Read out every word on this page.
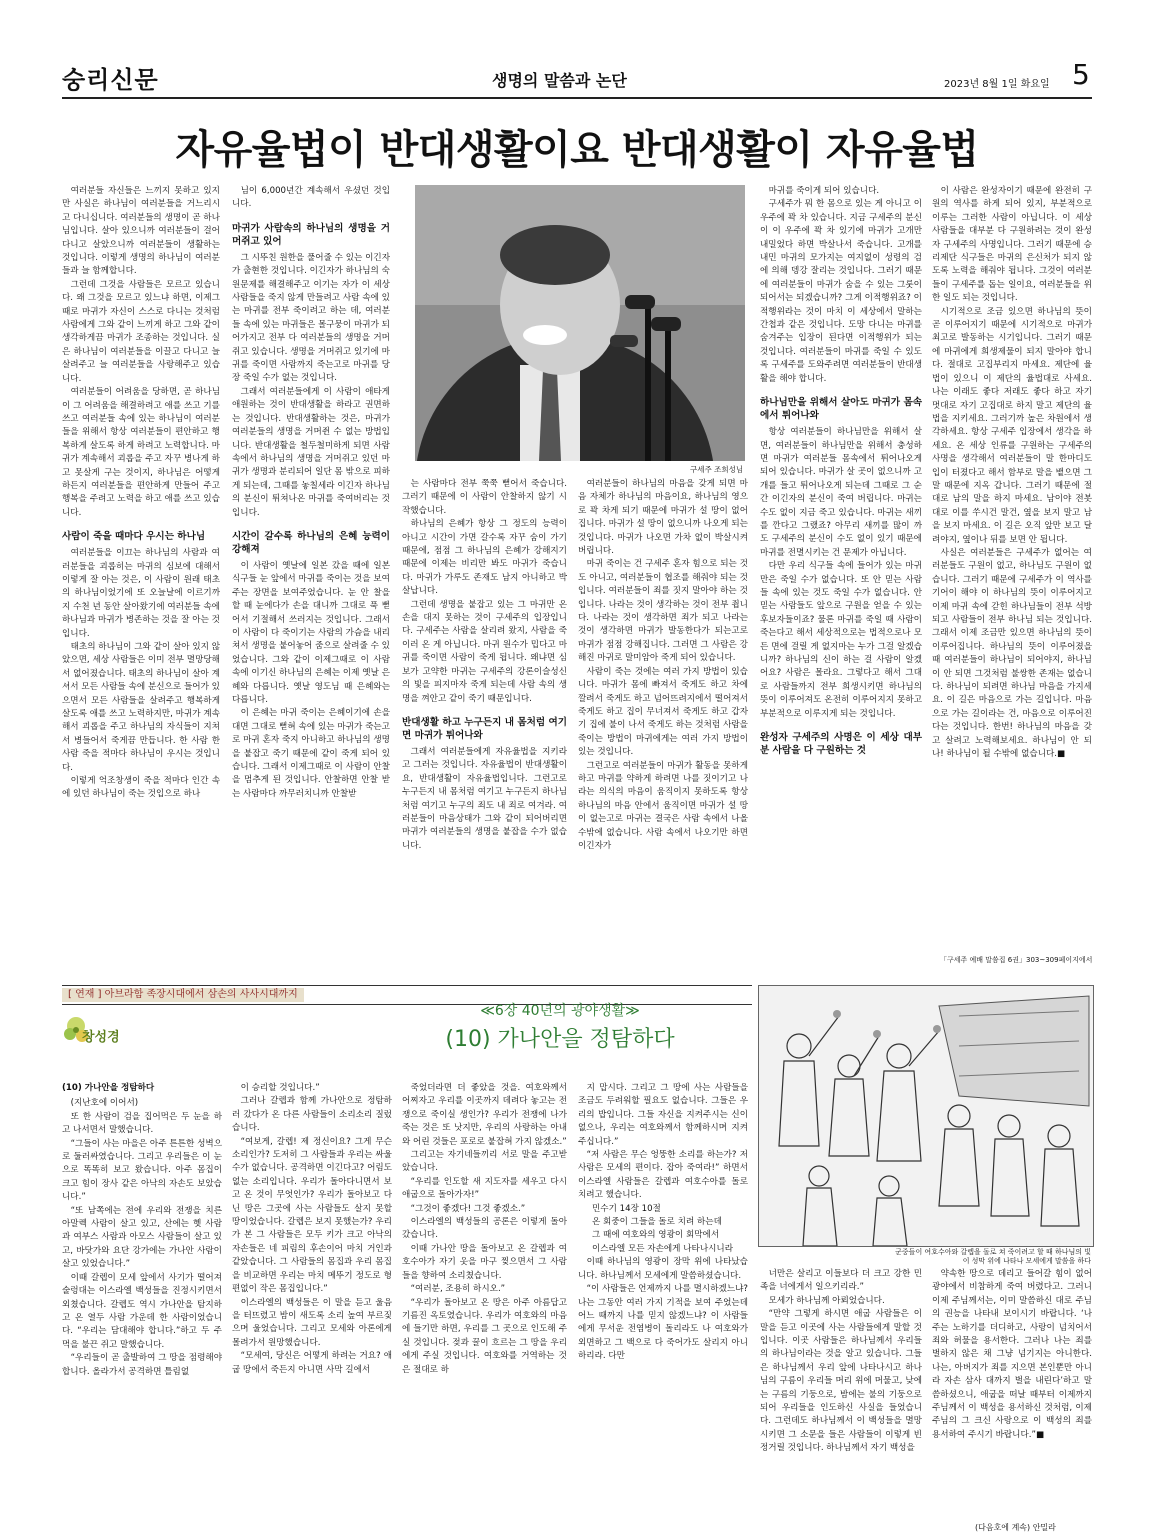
숭리신문	생명의 말씀과 논단	2023년 8월 1일 화요일 5
자유율법이 반대생활이요 반대생활이 자유율법

여러분들 자신들은 느끼지 못하고 있지만 사실은 하나님이 여러분들을 거느리시고 다니십니다. 여러분들의 생명이 곧 하나님입니다. 살아 있으니까 여러분들이 걸어 다니고 살았으니까 여러분들이 생활하는 것입니다. 이렇게 생명의 하나님이 여러분들과 늘 함께합니다.

그런데 그것을 사람들은 모르고 있습니다. 왜 그것을 모르고 있느냐 하면, 이제그때로 마귀가 자신이 스스로 다니는 것처럼 사람에게 그와 같이 느끼게 하고 그와 같이 생각하게끔 마귀가 조종하는 것입니다. 실은 하나님이 여러분들을 이끌고 다니고 늘 살려주고 늘 여러분들을 사랑해주고 있습니다.

여러분들이 어려움을 당하면, 곧 하나님이 그 어려움을 해결하려고 애를 쓰고 기를 쓰고 여러분들 속에 있는 하나님이 여러분들을 위해서 항상 여러분들이 편안하고 행복하게 살도록 하게 하려고 노력합니다. 마귀가 계속해서 괴롭을 주고 자꾸 병나게 하고 못살게 구는 것이지, 하나님은 어떻게 하든지 여러분들을 편안하게 만들어 주고 행복을 주려고 노력을 하고 애를 쓰고 있습니다.

사람이 죽을 때마다 우시는 하나님

여러분들을 이끄는 하나님의 사람과 여러분들을 괴롭히는 마귀의 심보에 대해서 이렇게 잘 아는 것은, 이 사람이 원래 태초의 하나님이었기에 또 오늘날에 이르기까지 수천 년 동안 살아왔기에 여러분들 속에 하나님과 마귀가 병존하는 것을 잘 아는 것입니다.

태초의 하나님이 그와 같이 살아 있지 않았으면, 세상 사람들은 이미 전부 멸망당해서 없어졌습니다. 태초의 하나님이 살아 계셔서 모든 사람들 속에 분신으로 들어가 있으면서 모든 사람들을 살려주고 행복하게 살도록 애를 쓰고 노력하지만, 마귀가 계속해서 괴롭을 주고 하나님의 자식들이 지쳐서 병들어서 죽게끔 만듭니다. 한 사람 한 사람 죽을 적마다 하나님이 우시는 것입니다.

이렇게 억조창생이 죽을 적마다 인간 속에 있던 하나님이 죽는 것입으로 하나

님이 6,000년간 계속해서 우셨던 것입니다.

마귀가 사람속의 하나님의 생명을 거머쥐고 있어

그 시뚜친 원한을 풀어줄 수 있는 이긴자가 출현한 것입니다. 이긴자가 하나님의 숙원문제를 해결해주고 이기는 자가 이 세상 사람들을 죽지 않게 만들려고 사람 속에 있는 마귀를 전부 죽이려고 하는 데, 여러분들 속에 있는 마귀들은 몰구뭉이 마귀가 되어가지고 전부 다 여러분들의 생명을 거머쥐고 있습니다. 생명을 거머쥐고 있기에 마귀를 죽이면 사람까지 죽는고로 마귀를 당장 죽일 수가 없는 것입니다.

그래서 여러분들에게 이 사람이 애타게 애원하는 것이 반대생활을 하라고 권면하는 것입니다. 반대생활하는 것은, 마귀가 여러분들의 생명을 거머쥔 수 없는 방법입니다. 반대생활을 철두철미하게 되면 사람 속에서 하나님의 생명을 거머쥐고 있던 마귀가 생명과 분리되어 일단 몸 밖으로 피하게 되는데, 그때를 놓칠세라 이긴자 하나님의 분신이 튀쳐나온 마귀를 죽여버리는 것입니다.

시간이 갈수록 하나님의 은혜 능력이 강해져

이 사람이 옛날에 일본 갔을 때에 일본 식구들 눈 앞에서 마귀를 죽이는 것을 보여주는 장면을 보여주었습니다. 눈 안 찰을 할 때 눈에다가 손을 대니까 그대로 푹 뻗어서 기절해서 쓰러지는 것입니다. 그래서 이 사람이 다 죽이기는 사람의 가슴을 내리쳐서 생명을 붙어놓어 줌으로 살려줄 수 있었습니다. 그와 같이 이제그때로 이 사람 속에 이기신 하나님의 은혜는 이제 옛날 은혜와 다릅니다. 옛날 영도님 때 은혜와는 다릅니다.

이 은혜는 마귀 죽이는 은혜이기에 손을 대면 그대로 뻗혀 속에 있는 마귀가 죽는고로 마귀 혼자 죽지 아니하고 하나님의 생명을 붙잡고 죽기 때문에 같이 죽게 되어 있습니다. 그래서 이제그때로 이 사람이 안찰을 멈추게 된 것입니다. 안찰하면 안찰 받는 사람마다 까무러치니까 안찰받

는 사람마다 전부 쭉쭉 뻗어서 죽습니다. 그러기 때문에 이 사람이 안찰하지 않기 시작했습니다.

하나님의 은혜가 항상 그 정도의 능력이 아니고 시간이 가면 갈수록 자꾸 숨이 가기 때문에, 점점 그 하나님의 은혜가 강해지기 때문에 이제는 비리만 봐도 마귀가 죽습니다. 마귀가 가루도 존재도 남지 아니하고 박살납니다.

그런데 생명을 붙잡고 있는 그 마귀만 온 손을 대지 못하는 것이 구세주의 입장입니다. 구세주는 사람을 살리려 왔지, 사람을 죽이러 온 게 아닙니다. 마귀 원수가 밉다고 마귀를 죽이면 사람이 죽게 됩니다. 왜냐면 심보가 고약한 마귀는 구세주의 강론이슬성신의 빛을 피지마자 죽게 되는데 사람 속의 생명을 껴안고 같이 죽기 때문입니다.

반대생활 하고 누구든지 내 몸처럼 여기면 마귀가 튀어나와

그래서 여러분들에게 자유율법을 지키라고 그러는 것입니다. 자유율법이 반대생활이요, 반대생활이 자유율법입니다. 그런고로 누구든지 내 몸처럼 여기고 누구든지 하나님처럼 여기고 누구의 죄도 내 죄로 여겨라. 여러분들이 마음상태가 그와 같이 되어버리면 마귀가 여러분들의 생명을 붙잡을 수가 없습니다.

여러분들이 하나님의 마음을 갖게 되면 마음 자체가 하나님의 마음이요, 하나님의 영으로 꽉 차게 되기 때문에 마귀가 설 땅이 없어집니다. 마귀가 설 땅이 없으니까 나오게 되는 것입니다. 마귀가 나오면 가차 없이 박살시켜버립니다.

마귀 죽이는 건 구세주 혼자 힘으로 되는 것도 아니고, 여러분들이 협조를 해줘야 되는 것입니다. 여러분들이 죄를 짓지 말아야 하는 것입니다. 나라는 것이 생각하는 것이 전부 죕니다. 나라는 것이 생각하면 죄가 되고 나라는 것이 생각하면 마귀가 발동한다가 되는고로 마귀가 점점 강해집니다. 그러면 그 사람은 강해진 마귀로 말미암아 죽게 되어 있습니다.

사람이 죽는 것에는 여러 가지 방법이 있습니다. 마귀가 몸에 빠져서 죽게도 하고 차에 깔려서 죽게도 하고 넘어뜨려지에서 떨어져서 죽게도 하고 집이 무너져서 죽게도 하고 갑자기 집에 불이 나서 죽게도 하는 것처럼 사람을 죽이는 방법이 마귀에게는 여러 가지 방법이 있는 것입니다.

그런고로 여러분들이 마귀가 활동을 못하게 하고 마귀를 약하게 하려면 나를 짓이기고 나라는 의식의 마음이 움직이지 못하도록 항상 하나님의 마음 안에서 움직이면 마귀가 설 땅이 없는고로 마귀는 결국은 사람 속에서 나올 수밖에 없습니다. 사람 속에서 나오기만 하면 이긴자가

마귀를 죽이게 되어 있습니다.

구세주가 뭐 한 몸으로 있는 게 아니고 이 우주에 꽉 차 있습니다. 지금 구세주의 분신이 이 우주에 꽉 차 있기에 마귀가 고개만 내밀었다 하면 박살나서 죽습니다. 고개를 내민 마귀의 모가지는 여지없이 성령의 검에 의해 뎅강 잘리는 것입니다. 그러기 때문에 여러분들이 마귀가 숨을 수 있는 그룻이 되어서는 되겠습니까? 그게 이적행위죠? 이적행위라는 것이 마치 이 세상에서 말하는 간첩과 같은 것입니다. 도망 다니는 마귀를 숨겨주는 입장이 된다면 이적행위가 되는 것입니다. 여러분들이 마귀를 죽일 수 있도록 구세주를 도와주려면 여러분들이 반대생활을 해야 합니다.

하나님만을 위해서 살아도 마귀가 몸속에서 튀어나와

항상 여러분들이 하나님만을 위해서 살면, 여러분들이 하나님만을 위해서 충성하면 마귀가 여러분들 몸속에서 튀어나오게 되어 있습니다. 마귀가 살 곳이 없으니까 고개를 들고 튀어나오게 되는데 그때로 그 순간 이긴자의 분신이 죽여 버립니다. 마귀는 수도 없이 지금 죽고 있습니다. 마귀는 새끼를 깐다고 그랬죠? 아무리 새끼를 많이 까도 구세주의 분신이 수도 없이 있기 때문에 마귀를 전멸시키는 건 문제가 아닙니다.

다만 우리 식구들 속에 들어가 있는 마귀만은 죽일 수가 없습니다. 또 안 믿는 사람들 속에 있는 것도 죽일 수가 없습니다. 안 믿는 사람들도 앞으로 구원을 얻을 수 있는 후보자들이죠? 물론 마귀를 죽일 때 사람이 죽는다고 해서 세상적으로는 법적으로나 모든 면에 걸릴 게 없지마는 누가 그걸 알겠습니까? 하나님의 신이 하는 걸 사람이 알겠어요? 사람은 몰라요. 그렇다고 해서 그대로 사람들까지 전부 희생시키면 하나님의 뜻이 이루어져도 온전히 이루어지지 못하고 부분적으로 이루지게 되는 것입니다.

완성자 구세주의 사명은 이 세상 대부분 사람을 다 구원하는 것

이 사람은 완성자이기 때문에 완전히 구원의 역사를 하게 되어 있지, 부분적으로 이루는 그러한 사람이 아닙니다. 이 세상 사람들을 대부분 다 구원하려는 것이 완성자 구세주의 사명입니다. 그러기 때문에 승리제단 식구들은 마귀의 은신처가 되지 않도록 노력을 해줘야 됩니다. 그것이 여러분들이 구세주를 돕는 일이요, 여러분들을 위한 일도 되는 것입니다.

시기적으로 조금 있으면 하나님의 뜻이 곧 이루어지기 때문에 시기적으로 마귀가 최고로 발동하는 시기입니다. 그러기 때문에 마귀에게 희생제물이 되지 말아야 합니다. 절대로 고집부리지 마세요. 제단에 율법이 있으니 이 제단의 율법대로 사세요. 나는 이래도 좋다 저래도 좋다 하고 자기 멋대로 자기 고집대로 하지 말고 제단의 율법을 지키세요. 그러기까 높은 차원에서 생각하세요. 항상 구세주 입장에서 생각을 하세요. 온 세상 인류를 구원하는 구세주의 사명을 생각해서 여러분들이 말 한마디도 입이 터졌다고 해서 함부로 말을 뱉으면 그 말 때문에 지옥 갑니다. 그러기 때문에 절대로 남의 말을 하지 마세요. 남이야 전봇대로 이를 쑤시건 말건, 옆을 보지 말고 남을 보지 마세요. 이 길은 오직 앞만 보고 달려야지, 옆이나 뒤를 보면 안 됩니다.

사실은 여러분들은 구세주가 없어는 여러분들도 구원이 없고, 하나님도 구원이 없습니다. 그러기 때문에 구세주가 이 역사를 기어이 해야 이 하나님의 뜻이 이루어지고 이제 마귀 속에 갇힌 하나님들이 전부 석방되고 사람들이 전부 하나님 되는 것입니다. 그래서 이제 조금만 있으면 하나님의 뜻이 이루어집니다. 하나님의 뜻이 이루어졌을 때 여러분들이 하나님이 되어야지, 하나님이 안 되면 그것처럼 불쌍한 존재는 없습니다. 하나님이 되려면 하나님 마음을 가지세요. 이 길은 마음으로 가는 길입니다. 마음으로 가는 길이라는 건, 마음으로 이루어진다는 것입니다. 한번! 하나님의 마음을 갖고 살려고 노력해보세요. 하나님이 안 되나! 하나님이 될 수밖에 없습니다.■

구세주 조희성님
「구세주 예배 말씀집 6권」303~309페이지에서
[ 연재 ] 아브라함 족장시대에서 삼손의 사사시대까지
창성경
≪6장 40년의 광야생활≫
(10) 가나안을 정탐하다
군중들이 여호수아와 갈렙을 돌로 쳐 죽이려고 할 때 하나님의 빛이 성막 위에 나타나 모세에게 말씀을 하다
(10) 가나안을 정탐하다

(지난호에 이어서)

또 한 사람이 검을 집어먹은 두 눈을 하고 나서면서 말했습니다.

“그들이 사는 마을은 아주 튼튼한 성벽으로 둘러싸였습니다. 그리고 우리들은 이 눈으로 똑똑히 보고 왔습니다. 아주 몸집이 크고 힘이 장사 같은 아낙의 자손도 보았습니다.”

“또 남쪽에는 전에 우리와 전쟁을 치른 아말렉 사람이 살고 있고, 산에는 헷 사람과 여부스 사람과 아모스 사람들이 살고 있고, 바닷가와 요단 강가에는 가나안 사람이 살고 있었습니다.”

이때 갈렙이 모세 앞에서 사기가 떨어져 술렁대는 이스라엘 백성들을 진정시키면서 외쳤습니다. 갈렙도 역시 가나안을 탐지하고 온 열두 사람 가운데 한 사람이었습니다. “우리는 담대해야 합니다.”하고 두 주먹을 불끈 쥐고 말했습니다.

“우리들이 곧 출발하여 그 땅을 점령해야 합니다. 올라가서 공격하면 틀림없

이 승리할 것입니다.”

그러나 갈렙과 함께 가나안으로 정탐하러 갔다가 온 다른 사람들이 소리소리 질렀습니다.

“여보게, 갈렙! 제 정신이요? 그게 무슨 소리인가? 도저히 그 사람들과 우리는 싸울 수가 없습니다. 공격하면 이긴다고? 어림도 없는 소리입니다. 우리가 돌아다니면서 보고 온 것이 무엇인가? 우리가 돌아보고 다닌 땅은 그곳에 사는 사람들도 살지 못할 땅이었습니다. 갈렙은 보지 못했는가? 우리가 본 그 사람들은 모두 키가 크고 아낙의 자손들은 네 피림의 후손이어 마치 거인과 같았습니다. 그 사람들의 몸집과 우리 몸집을 비교하면 우리는 마치 메뚜기 정도로 형편없이 작은 몸집입니다.”

이스라엘의 백성들은 이 말을 듣고 울음을 터뜨렸고 밤이 새도록 소리 높여 부르짖으며 울었습니다. 그리고 모세와 아론에게 몰려가서 원망했습니다.

“모세여, 당신은 어떻게 하려는 거요? 애굽 땅에서 죽든지 아니면 사막 길에서

죽었더라면 더 좋았을 것을. 여호와께서 어찌자고 우리를 이곳까지 데려다 놓고는 전쟁으로 죽이실 생인가? 우리가 전쟁에 나가 죽는 것은 또 낫지만, 우리의 사랑하는 아내와 어린 것들은 포로로 붙잡혀 가지 않겠소.”

그리고는 자기네들끼리 서로 말을 주고받았습니다.

“우리를 인도할 새 지도자를 세우고 다시 애굽으로 돌아가자!”

“그것이 좋겠다! 그것 좋겠소.”

이스라엘의 백성들의 공론은 이렇게 돌아갔습니다.

이때 가나안 땅을 돌아보고 온 갈렙과 여호수아가 자기 옷을 마구 찢으면서 그 사람들을 향하여 소리쳤습니다.

“여러분, 조용히 하시오.”

“우리가 돌아보고 온 땅은 아주 아름답고 기름진 옥토였습니다. 우리가 여호와의 마음에 들기만 하면, 우리를 그 곳으로 인도해 주실 것입니다. 젖과 꿀이 흐르는 그 땅을 우리에게 주실 것입니다. 여호와를 거역하는 것은 절대로 하

지 맙시다. 그리고 그 땅에 사는 사람들을 조금도 두려워할 필요도 없습니다. 그들은 우리의 밥입니다. 그들 자신을 지켜주시는 신이 없으나, 우리는 여호와께서 함께하시며 지켜 주십니다.”

“저 사람은 무슨 엉뚱한 소리를 하는가? 저 사람은 모세의 편이다. 잡아 죽여라!” 하면서 이스라엘 사람들은 갈렙과 여호수아를 돌로 치려고 했습니다.

민수기 14장 10절

온 회중이 그들을 돌로 치려 하는데

그 때에 여호와의 영광이 회막에서

이스라엘 모든 자손에게 나타나시니라

이때 하나님의 영광이 장막 위에 나타났습니다. 하나님께서 모세에게 말씀하셨습니다.

“이 사람들은 언제까지 나를 멸시하겠느냐? 나는 그동안 여러 가지 기적을 보여 주었는데 어느 때까지 나를 믿지 않겠느냐? 이 사람들에게 무서운 전염병이 돌리라도 나 여호와가 외면하고 그 백으로 다 죽어가도 살리지 아니하리라. 다만

너만은 살리고 이들보다 더 크고 강한 민족을 너에게서 일으키리라.”

모세가 하나님께 아뢰었습니다.

“만약 그렇게 하시면 애굽 사람들은 이 말을 듣고 이곳에 사는 사람들에게 말할 것입니다. 이곳 사람들은 하나님께서 우리들의 하나님이라는 것을 알고 있습니다. 그들은 하나님께서 우리 앞에 나타나시고 하나님의 구름이 우리들 머리 위에 머물고, 낮에는 구름의 기둥으로, 밤에는 불의 기둥으로 되어 우리들을 인도하신 사실을 들었습니다. 그런데도 하나님께서 이 백성들을 멸망시키면 그 소문을 들은 사람들이 이렇게 빈정거릴 것입니다. 하나님께서 자기 백성을

약속한 땅으로 데리고 들어갈 힘이 없어 광야에서 비참하게 죽여 버렸다고. 그러니 이제 주님께서는, 이미 말씀하신 대로 주님의 권능을 나타내 보이시기 바랍니다. ‘나 주는 노하기를 더디하고, 사랑이 넘치어서 죄와 허물을 용서한다. 그러나 나는 죄를 벌하지 않은 채 그냥 넘기지는 아니한다. 나는, 아버지가 죄를 지으면 본인뿐만 아니라 자손 삼사 대까지 벌을 내린다’하고 말씀하셨으니, 애굽을 떠날 때부터 이제까지 주님께서 이 백성을 용서하신 것처럼, 이제 주님의 그 크신 사랑으로 이 백성의 죄를 용서하여 주시기 바랍니다.”■

(다음호에 계속) 안밀라
